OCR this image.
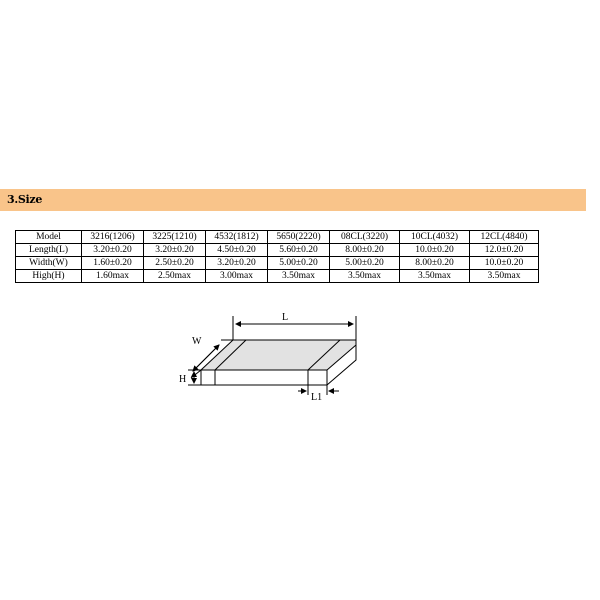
3.Size
Model	3216(1206)	3225(1210)	4532(1812)	5650(2220)	08CL(3220)	10CL(4032)	12CL(4840)
Length(L)	3.20±0.20	3.20±0.20	4.50±0.20	5.60±0.20	8.00±0.20	10.0±0.20	12.0±0.20
Width(W)	1.60±0.20	2.50±0.20	3.20±0.20	5.00±0.20	5.00±0.20	8.00±0.20	10.0±0.20
High(H)	1.60max	2.50max	3.00max	3.50max	3.50max	3.50max	3.50max
L
W
H
L1
